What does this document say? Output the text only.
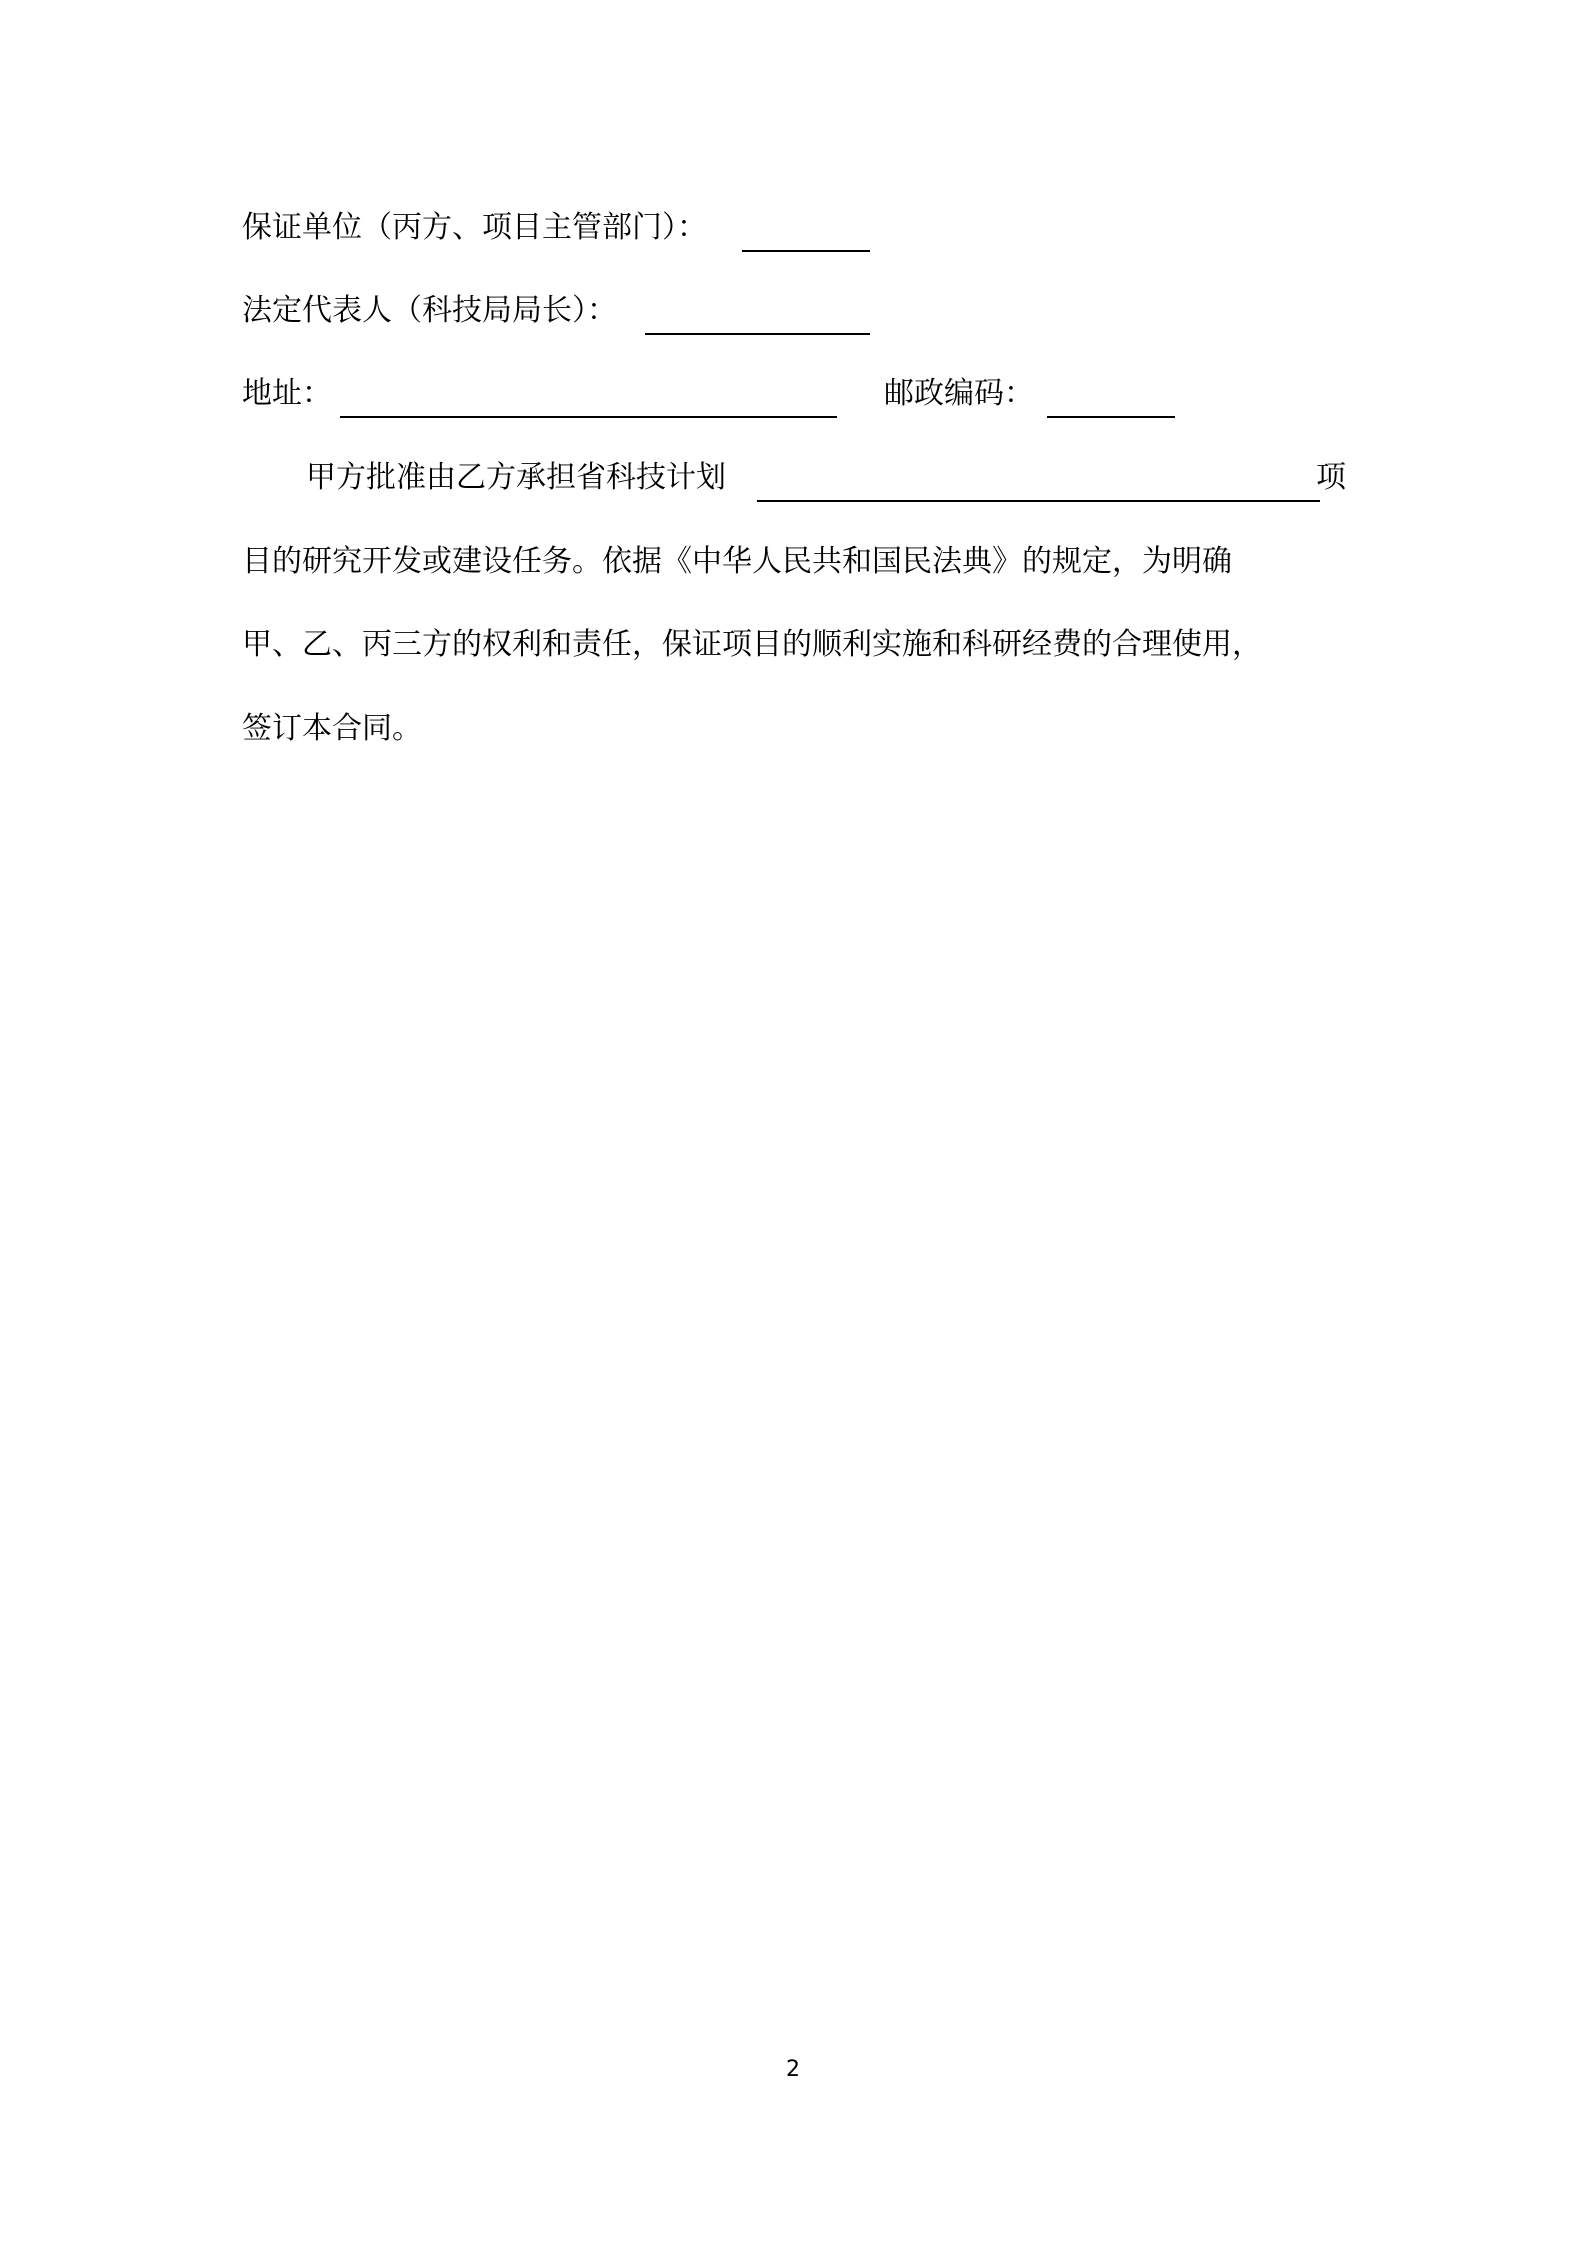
保证单位（丙方、项目主管部门）：
法定代表人（科技局局长）：
地址：	邮政编码：
甲方批准由乙方承担省科技计划	项
目的研究开发或建设任务。依据《中华人民共和国民法典》的规定，为明确
甲、乙、丙三方的权利和责任，保证项目的顺利实施和科研经费的合理使用，
签订本合同。
2
